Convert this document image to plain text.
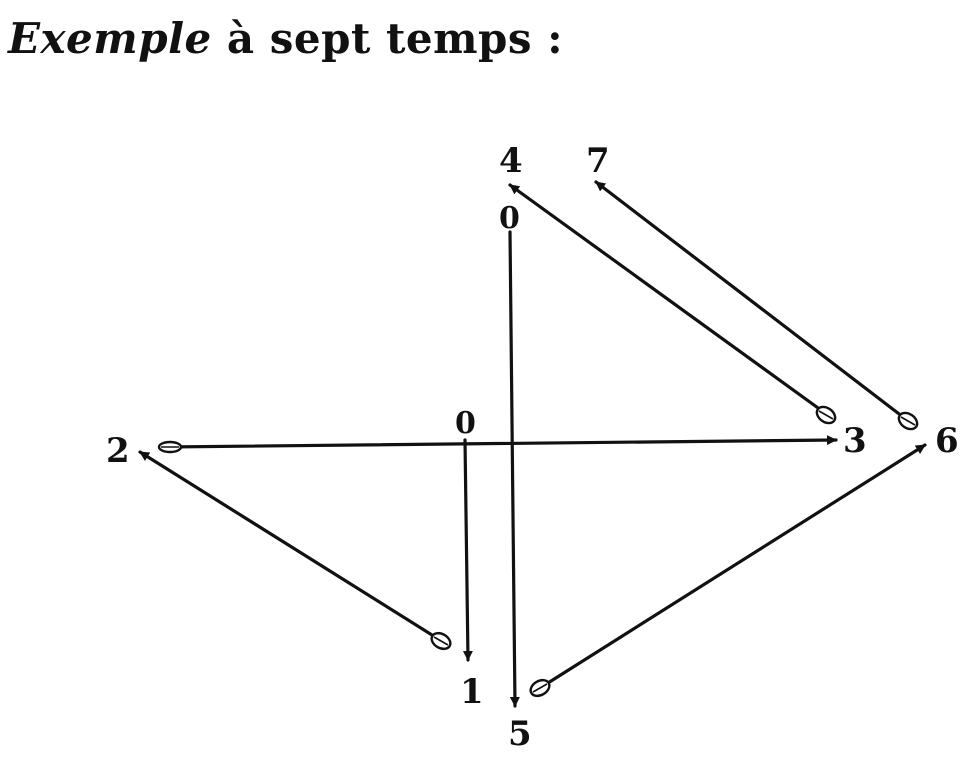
Exemple à sept temps :
0
0
1
2	3
4
5
6
7
